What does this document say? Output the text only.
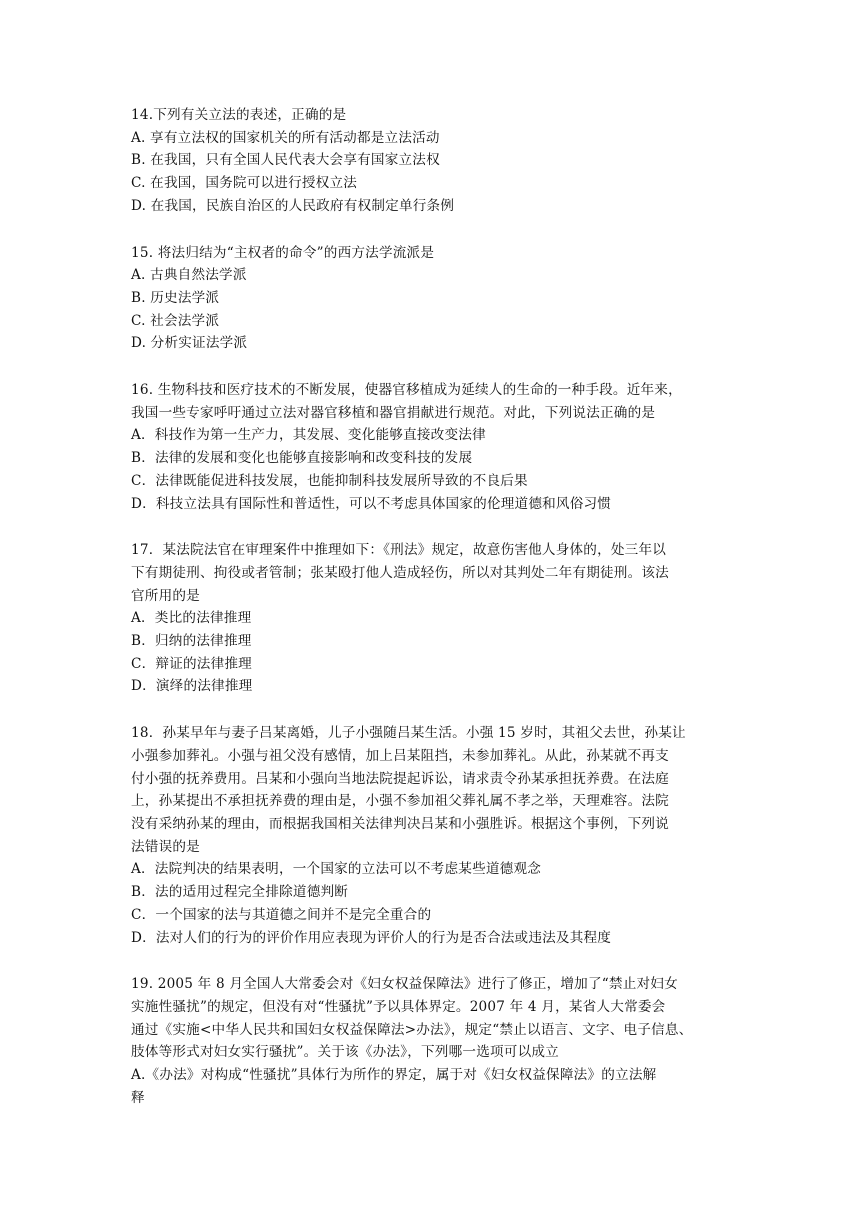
14.下列有关立法的表述，正确的是
A. 享有立法权的国家机关的所有活动都是立法活动
B. 在我国，只有全国人民代表大会享有国家立法权
C. 在我国，国务院可以进行授权立法
D. 在我国，民族自治区的人民政府有权制定单行条例
15. 将法归结为“主权者的命令”的西方法学流派是
A. 古典自然法学派
B. 历史法学派
C. 社会法学派
D. 分析实证法学派
16. 生物科技和医疗技术的不断发展，使器官移植成为延续人的生命的一种手段。近年来，
我国一些专家呼吁通过立法对器官移植和器官捐献进行规范。对此，下列说法正确的是
A．科技作为第一生产力，其发展、变化能够直接改变法律
B．法律的发展和变化也能够直接影响和改变科技的发展
C．法律既能促进科技发展，也能抑制科技发展所导致的不良后果
D．科技立法具有国际性和普适性，可以不考虑具体国家的伦理道德和风俗习惯
17．某法院法官在审理案件中推理如下：《刑法》规定，故意伤害他人身体的，处三年以
下有期徒刑、拘役或者管制；张某殴打他人造成轻伤，所以对其判处二年有期徒刑。该法
官所用的是
A．类比的法律推理
B．归纳的法律推理
C．辩证的法律推理
D．演绎的法律推理
18．孙某早年与妻子吕某离婚，儿子小强随吕某生活。小强 15 岁时，其祖父去世，孙某让
小强参加葬礼。小强与祖父没有感情，加上吕某阻挡，未参加葬礼。从此，孙某就不再支
付小强的抚养费用。吕某和小强向当地法院提起诉讼，请求责令孙某承担抚养费。在法庭
上，孙某提出不承担抚养费的理由是，小强不参加祖父葬礼属不孝之举，天理难容。法院
没有采纳孙某的理由，而根据我国相关法律判决吕某和小强胜诉。根据这个事例，下列说
法错误的是
A．法院判决的结果表明，一个国家的立法可以不考虑某些道德观念
B．法的适用过程完全排除道德判断
C．一个国家的法与其道德之间并不是完全重合的
D．法对人们的行为的评价作用应表现为评价人的行为是否合法或违法及其程度
19. 2005 年 8 月全国人大常委会对《妇女权益保障法》进行了修正，增加了“禁止对妇女
实施性骚扰”的规定，但没有对“性骚扰”予以具体界定。2007 年 4 月，某省人大常委会
通过《实施<中华人民共和国妇女权益保障法>办法》，规定“禁止以语言、文字、电子信息、
肢体等形式对妇女实行骚扰”。关于该《办法》，下列哪一选项可以成立
A.《办法》对构成“性骚扰”具体行为所作的界定，属于对《妇女权益保障法》的立法解
释
